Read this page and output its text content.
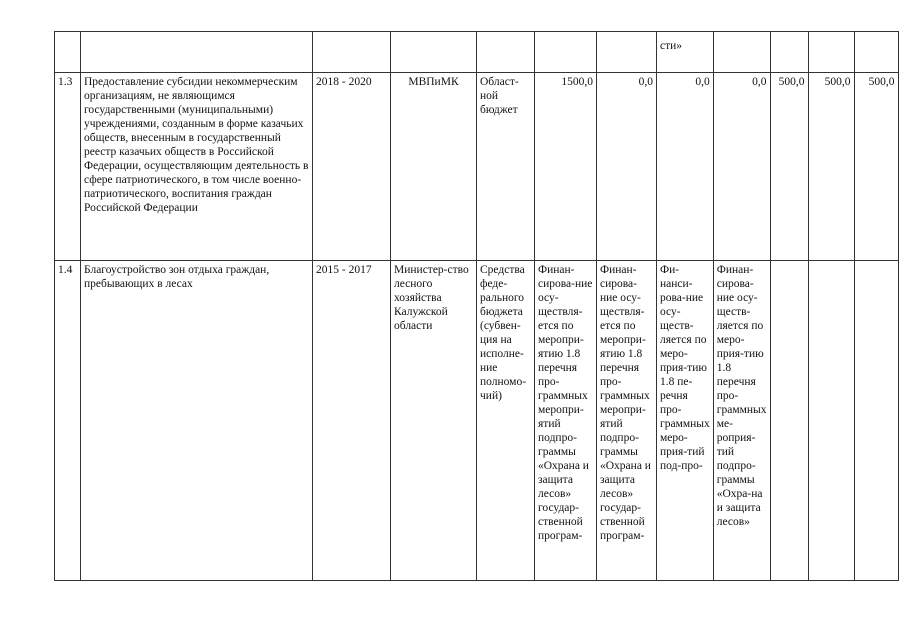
							сти»				
1.3	Предоставление субсидии некоммерческим организациям, не являющимся государственными (муниципальными) учреждениями, созданным в форме казачьих обществ, внесенным в государственный реестр казачьих обществ в Российской Федерации, осуществляющим деятельность в сфере патриотического, в том числе военно-патриотического, воспитания граждан Российской Федерации	2018 - 2020	МВПиМК	Област-ной бюджет	1500,0	0,0	0,0	0,0	500,0	500,0	500,0
1.4	Благоустройство зон отдыха граждан, пребывающих в лесах	2015 - 2017	Министер-ство лесного хозяйства Калужской области	Средства феде-рального бюджета (субвен-ция на исполне-ние полномо-чий)	Финан-сирова-ние осу-ществля-ется по меропри-ятию 1.8 перечня про-граммных меропри-ятий подпро-граммы «Охрана и защита лесов» государ-ственной програм-	Финан-сирова-ние осу-ществля-ется по меропри-ятию 1.8 перечня про-граммных меропри-ятий подпро-граммы «Охрана и защита лесов» государ-ственной програм-	Фи-нанси-рова-ние осу-ществ-ляется по меро-прия-тию 1.8 пе-речня про-граммных меро-прия-тий под-про-	Финан-сирова-ние осу-ществ-ляется по меро-прия-тию 1.8 перечня про-граммных ме-роприя-тий подпро-граммы «Охра-на и защита лесов»			
